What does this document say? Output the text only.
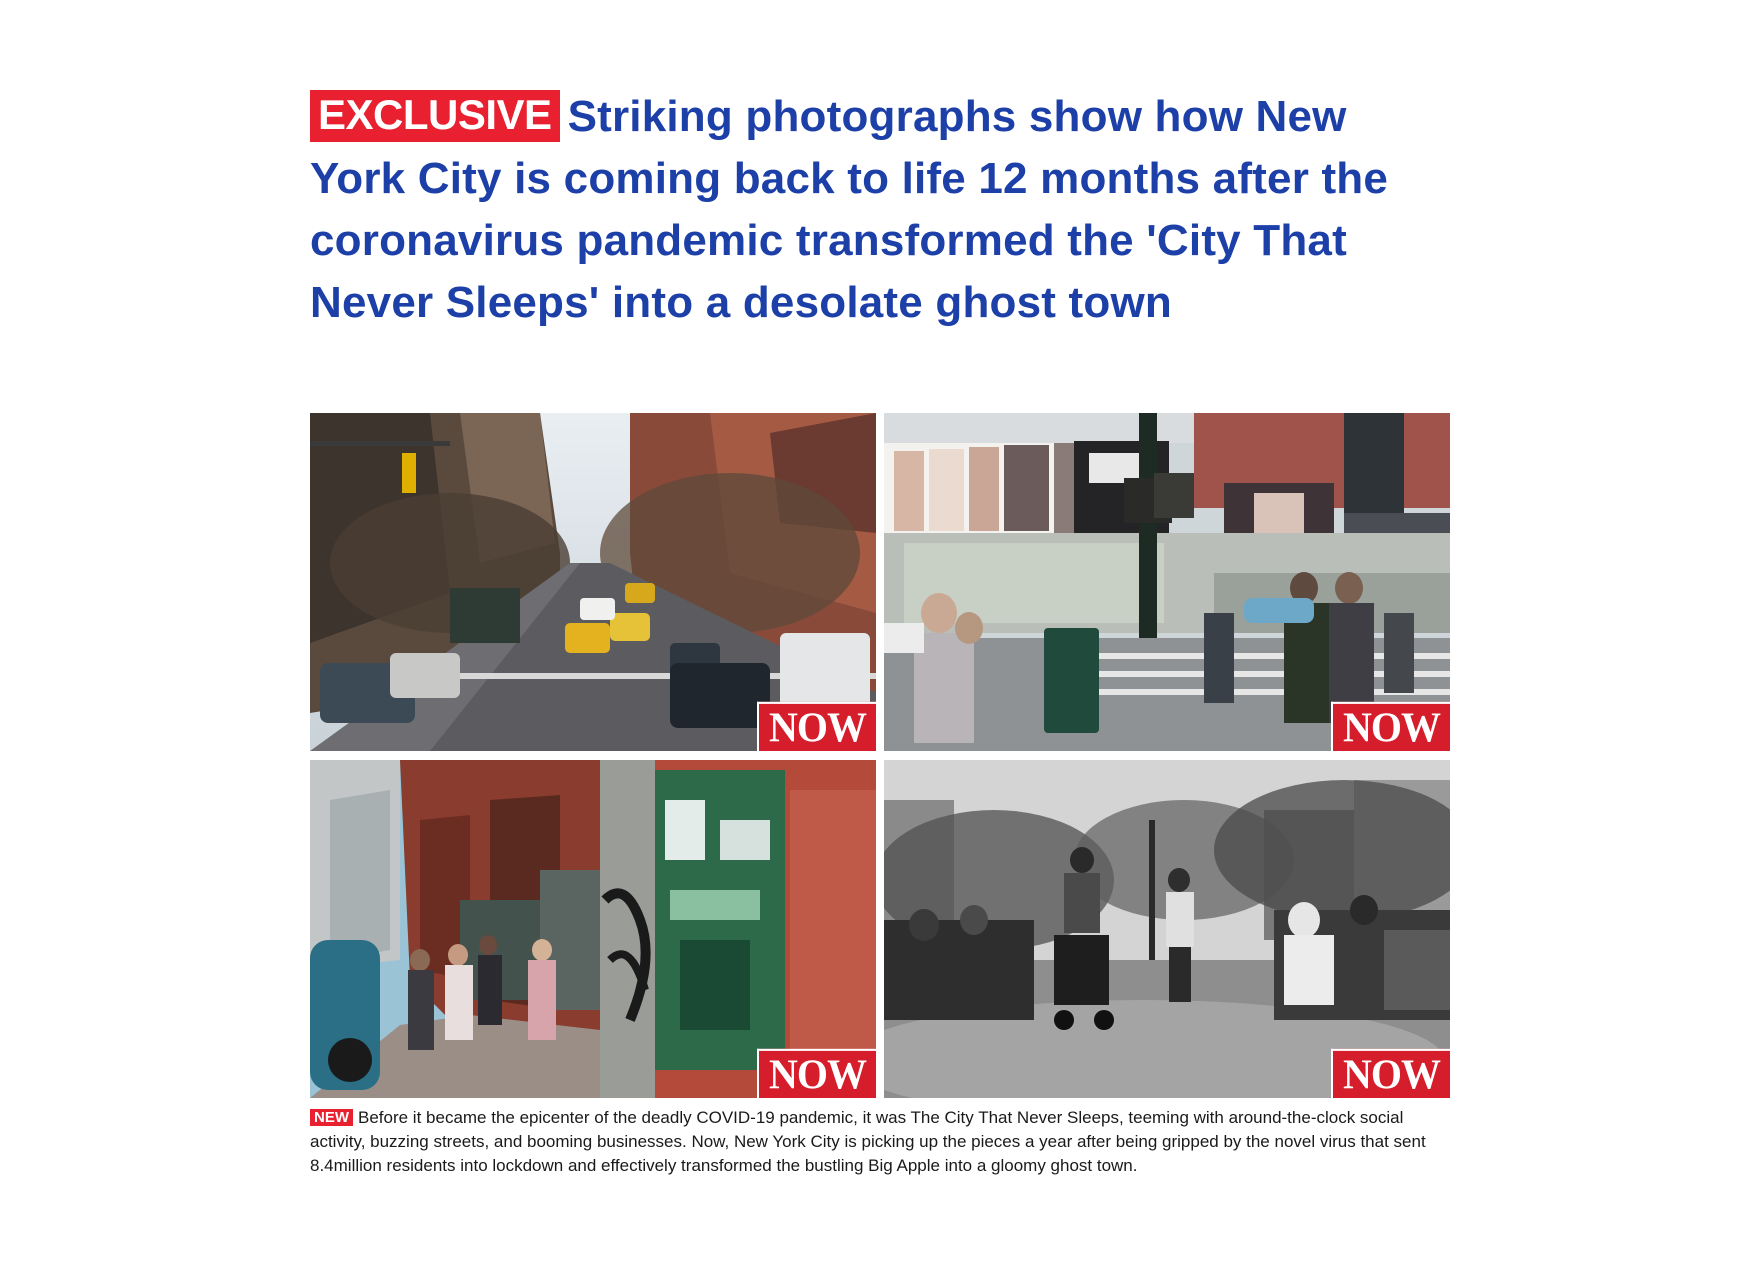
EXCLUSIVE Striking photographs show how New York City is coming back to life 12 months after the coronavirus pandemic transformed the 'City That Never Sleeps' into a desolate ghost town
NOW	NOW
NOW	NOW

NEW Before it became the epicenter of the deadly COVID-19 pandemic, it was The City That Never Sleeps, teeming with around-the-clock social activity, buzzing streets, and booming businesses. Now, New York City is picking up the pieces a year after being gripped by the novel virus that sent 8.4million residents into lockdown and effectively transformed the bustling Big Apple into a gloomy ghost town.
